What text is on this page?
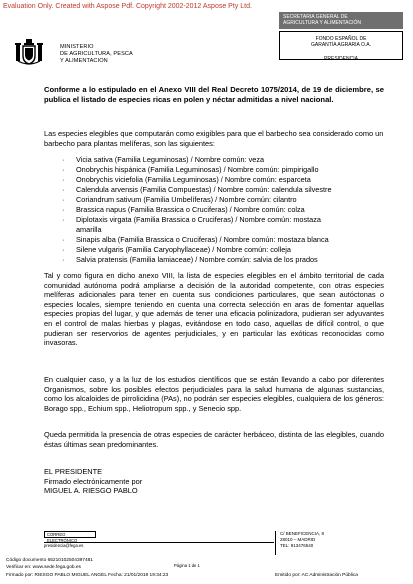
Evaluation Only. Created with Aspose Pdf. Copyright 2002-2012 Aspose Pty Ltd.
MINISTERIO
DE AGRICULTURA, PESCA
Y ALIMENTACION
SECRETARIA GENERAL DE
AGRICULTURA Y ALIMENTACIÓN
FONDO ESPAÑOL DE
GARANTÍA AGRARIA O.A.
PRESIDENCIA
Conforme a lo estipulado en el Anexo VIII del Real Decreto 1075/2014, de 19 de diciembre, se publica el listado de especies ricas en polen y néctar admitidas a nivel nacional.
Las especies elegibles que computarán como exigibles para que el barbecho sea considerado como un barbecho para plantas melíferas, son las siguientes:
· Vicia sativa (Familia Leguminosas) / Nombre común: veza
· Onobrychis hispánica (Familia Leguminosas) / Nombre común: pimpirigallo
· Onobrychis viciefolia (Familia Leguminosas) / Nombre común: esparceta
· Calendula arvensis (Familia Compuestas) / Nombre común: calendula silvestre
· Coriandrum sativum (Familia Umbelíferas) / Nombre común: cilantro
· Brassica napus (Familia Brassica o Cruciferas) / Nombre común: colza
· Diplotaxis virgata (Familia Brassica o Cruciferas) / Nombre común: mostaza
amarilla
· Sinapis alba (Familia Brassica o Cruciferas) / Nombre común: mostaza blanca
· Silene vulgaris (Familia Caryophyllaceae) / Nombre común: colleja
· Salvia pratensis (Familia lamiaceae) / Nombre común: salvia de los prados
Tal y como figura en dicho anexo VIII, la lista de especies elegibles en el ámbito territorial de cada comunidad autónoma podrá ampliarse a decisión de la autoridad competente, con otras especies melíferas adicionales para tener en cuenta sus condiciones particulares, que sean autóctonas o especies locales, siempre teniendo en cuenta una correcta selección en aras de fomentar aquellas especies propias del lugar, y que además de tener una eficacia polinizadora, pudieran ser adyuvantes en el control de malas hierbas y plagas, evitándose en todo caso, aquellas de difícil control, o que pudieran ser reservorios de agentes perjudiciales, y en particular las exóticas reconocidas como invasoras.
En cualquier caso, y a la luz de los estudios científicos que se están llevando a cabo por diferentes Organismos, sobre los posibles efectos perjudiciales para la salud humana de algunas sustancias, como los alcaloides de pirrolicidina (PAs), no podrán ser especies elegibles, cualquiera de los géneros: Borago spp., Echium spp., Heliotropum spp., y Senecio spp.
Queda permitida la presencia de otras especies de carácter herbáceo, distinta de las elegibles, cuando éstas últimas sean predominantes.
EL PRESIDENTE
Firmado electrónicamente por
MIGUEL A. RIESGO PABLO
CORREO ELECTRÓNICO
presidencia@fega.es
C/ BENEFICENCIA, 8
28010 – MADRID
TEL: 913476540
Código documento 65210102504397481
Verificar en: www.sede.fega.gob.es	Página 1 de 1
Firmado por: RIESGO PABLO MIGUEL ANGEL Fecha: 21/01/2019 19:34:23	Emitido por: AC Administración Pública
